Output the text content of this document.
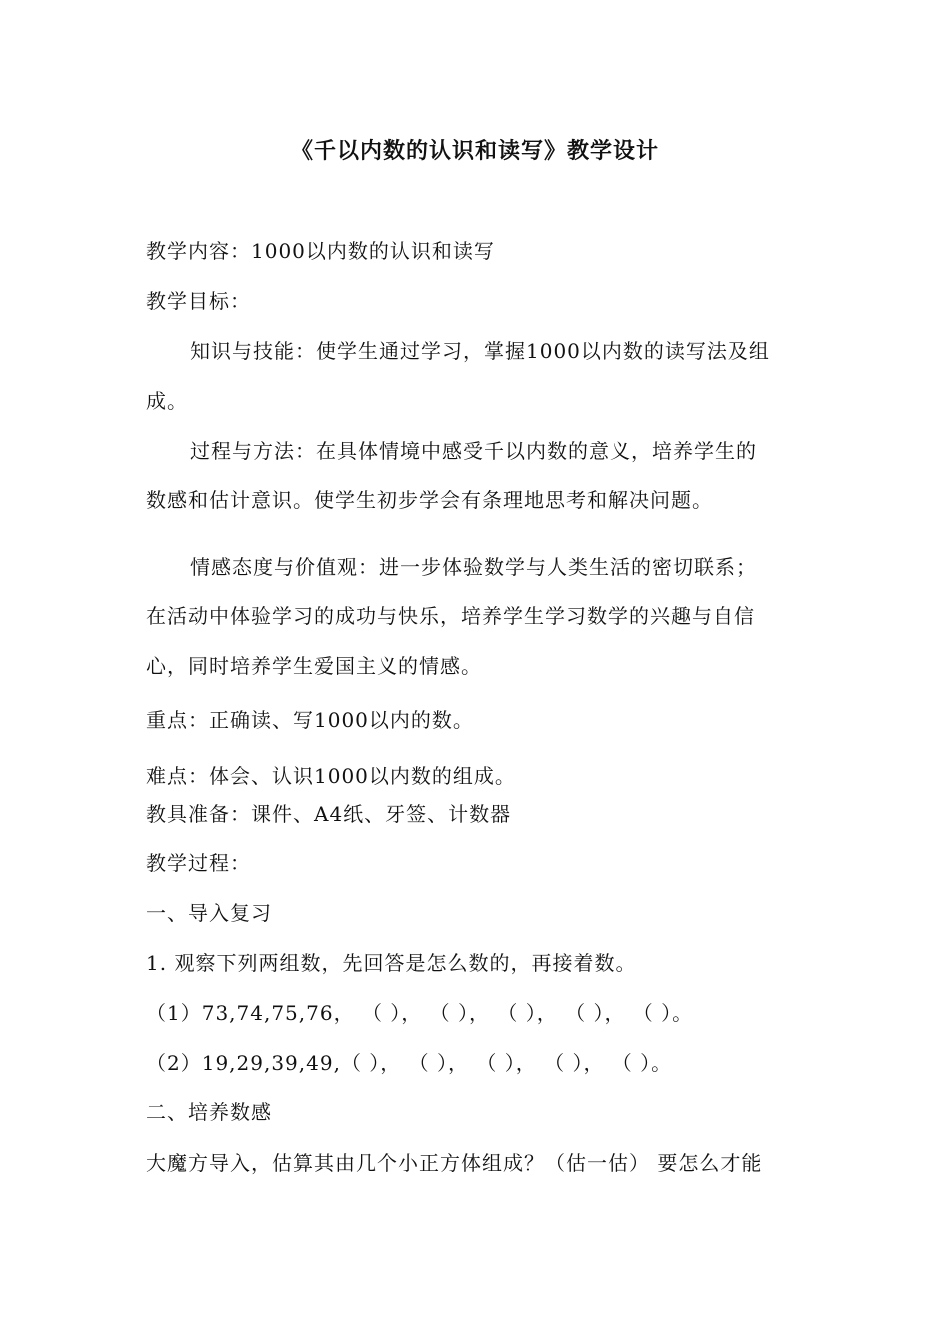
《千以内数的认识和读写》教学设计
教学内容：1000以内数的认识和读写
教学目标：
知识与技能：使学生通过学习，掌握1000以内数的读写法及组
成。
过程与方法：在具体情境中感受千以内数的意义，培养学生的
数感和估计意识。使学生初步学会有条理地思考和解决问题。
情感态度与价值观：进一步体验数学与人类生活的密切联系；
在活动中体验学习的成功与快乐，培养学生学习数学的兴趣与自信
心，同时培养学生爱国主义的情感。
重点：正确读、写1000以内的数。
难点：体会、认识1000以内数的组成。
教具准备：课件、A4纸、牙签、计数器
教学过程：
一、导入复习
1. 观察下列两组数，先回答是怎么数的，再接着数。
（1）73,74,75,76， （ ）， （ ）， （ ）， （ ）， （ ）。
（2）19,29,39,49,（ ）， （ ）， （ ）， （ ）， （ ）。
二、培养数感
大魔方导入，估算其由几个小正方体组成？（估一估） 要怎么才能
